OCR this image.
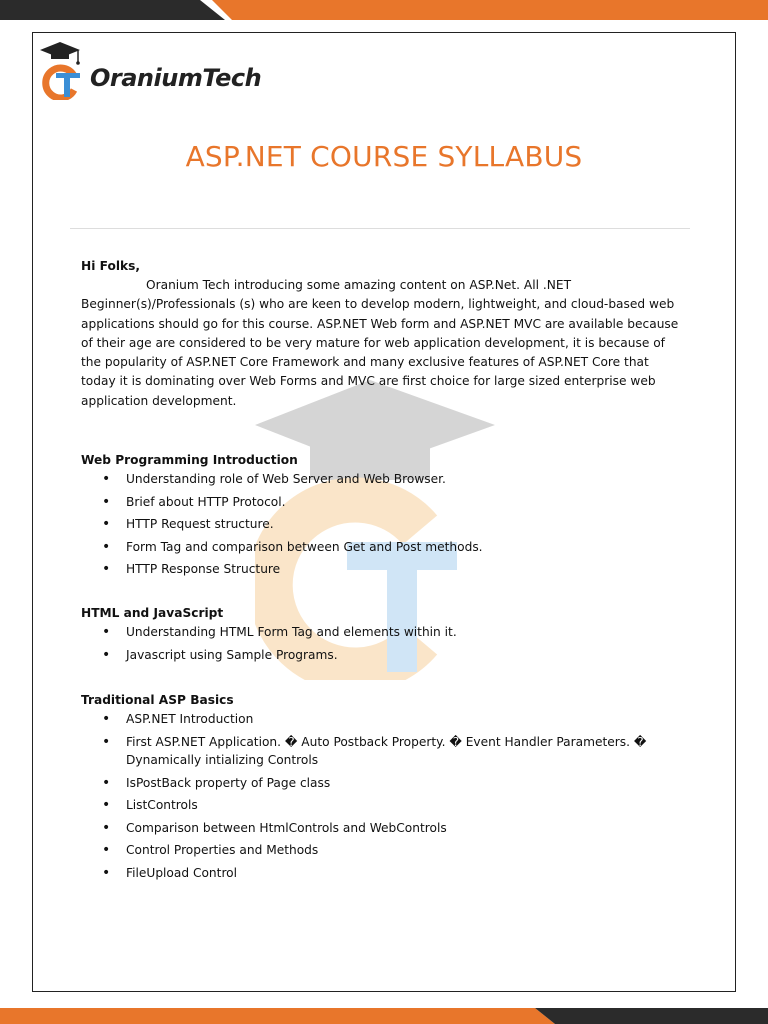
OraniumTech
ASP.NET COURSE SYLLABUS

Hi Folks,

Oranium Tech introducing some amazing content on ASP.Net. All .NET Beginner(s)/Professionals (s) who are keen to develop modern, lightweight, and cloud-based web applications should go for this course. ASP.NET Web form and ASP.NET MVC are available because of their age are considered to be very mature for web application development, it is because of the popularity of ASP.NET Core Framework and many exclusive features of ASP.NET Core that today it is dominating over Web Forms and MVC are first choice for large sized enterprise web application development.

Web Programming Introduction

• Understanding role of Web Server and Web Browser.
• Brief about HTTP Protocol.
• HTTP Request structure.
• Form Tag and comparison between Get and Post methods.
• HTTP Response Structure

HTML and JavaScript

• Understanding HTML Form Tag and elements within it.
• Javascript using Sample Programs.

Traditional ASP Basics

• ASP.NET Introduction
• First ASP.NET Application. � Auto Postback Property. � Event Handler Parameters. � Dynamically intializing Controls
• IsPostBack property of Page class
• ListControls
• Comparison between HtmlControls and WebControls
• Control Properties and Methods
• FileUpload Control
